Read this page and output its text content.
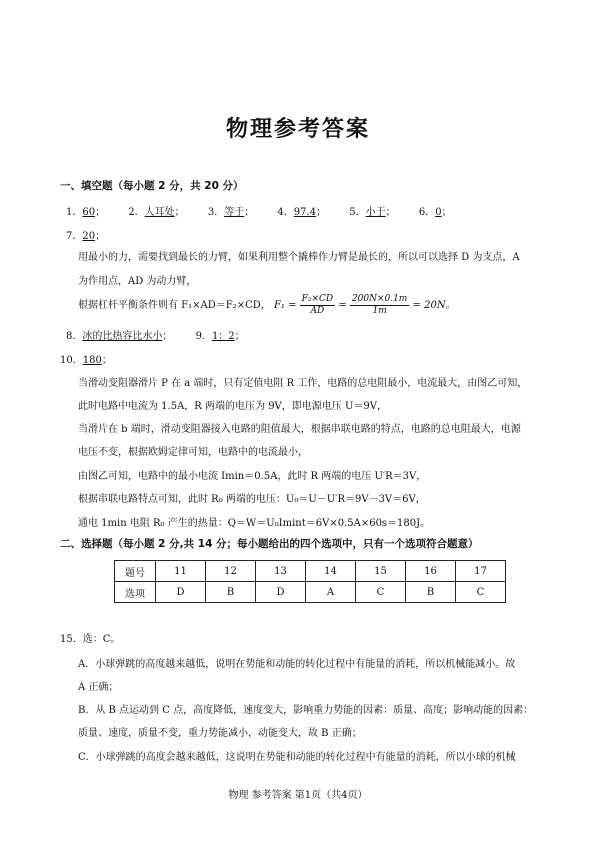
物理参考答案
一、填空题（每小题 2 分，共 20 分）
1．60； 2．人耳处； 3．等于； 4．97.4； 5．小于； 6．0；
7．20；
用最小的力，需要找到最长的力臂，如果利用整个撬棒作力臂是最长的，所以可以选择 D 为支点，A
为作用点，AD 为动力臂，
根据杠杆平衡条件则有 F₁×AD＝F₂×CD， $F_1 = \frac{\text{F₂×CD}}{AD} = \frac{200N\times 0.1m}{1m} = 20N$。
8．冰的比热容比水小； 9．1：2；
10．180；
当滑动变阻器滑片 P 在 a 端时，只有定值电阻 R 工作，电路的总电阻最小，电流最大，由图乙可知，
此时电路中电流为 1.5A，R 两端的电压为 9V，即电源电压 U＝9V，
当滑片在 b 端时，滑动变阻器接入电路的阻值最大，根据串联电路的特点，电路的总电阻最大，电源
电压不变，根据欧姆定律可知，电路中的电流最小，
由图乙可知，电路中的最小电流 Imin＝0.5A，此时 R 两端的电压 U′R＝3V，
根据串联电路特点可知，此时 R₀ 两端的电压：U₀＝U－U′R＝9V－3V＝6V，
通电 1min 电阻 R₀ 产生的热量：Q＝W＝U₀Imint＝6V×0.5A×60s＝180J。
二、选择题（每小题 2 分,共 14 分；每小题给出的四个选项中，只有一个选项符合题意）
题号	11	12	13	14	15	16	17
选项	D	B	D	A	C	B	C
15．选：C。
A．小球弹跳的高度越来越低，说明在势能和动能的转化过程中有能量的消耗，所以机械能减小。故
A 正确；
B．从 B 点运动到 C 点，高度降低，速度变大，影响重力势能的因素：质量、高度；影响动能的因素：
质量、速度，质量不变，重力势能减小，动能变大，故 B 正确；
C．小球弹跳的高度会越来越低，这说明在势能和动能的转化过程中有能量的消耗，所以小球的机械
物理 参考答案 第1页（共4页）
